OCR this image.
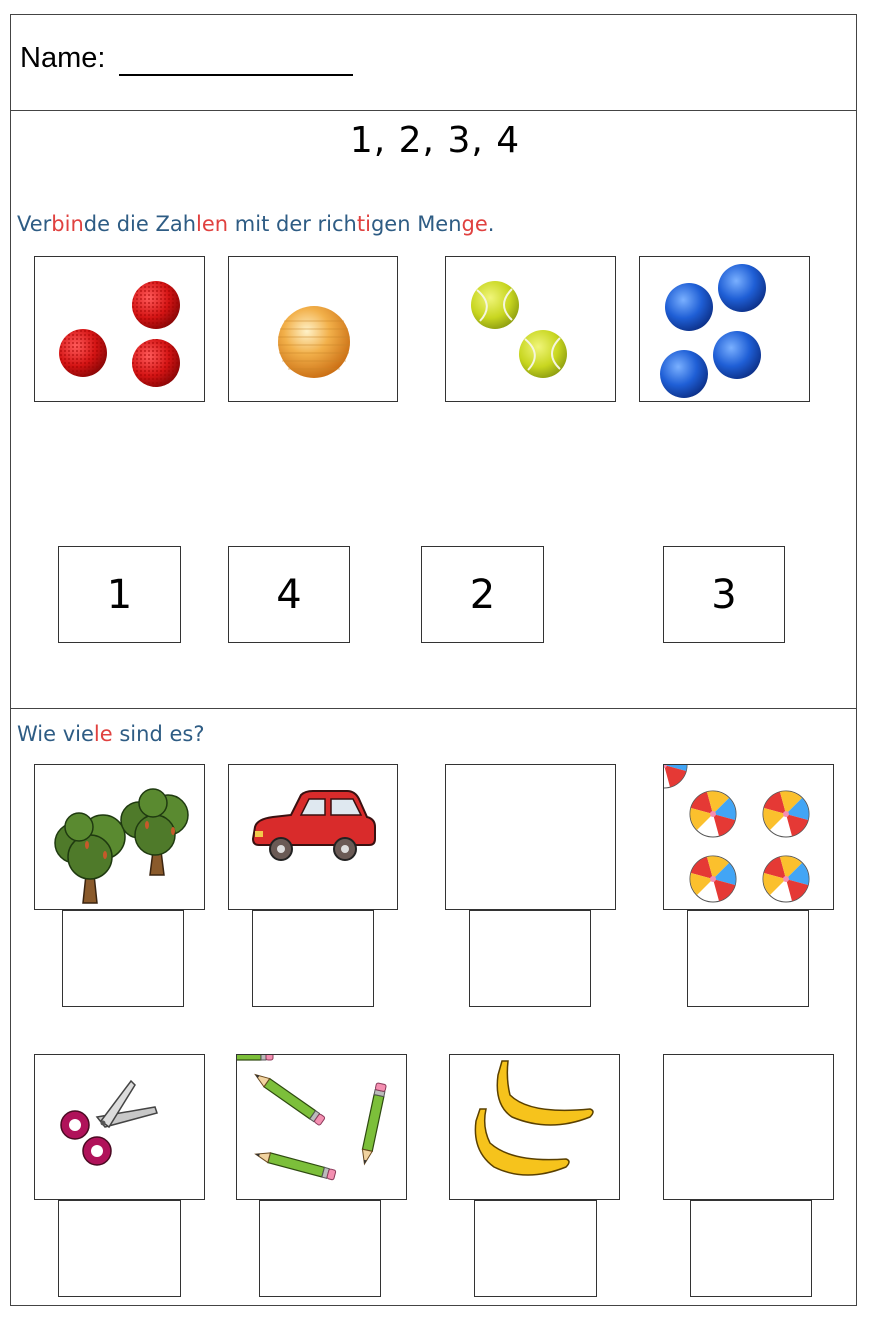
Name:
1, 2, 3, 4
Verbinde die Zahlen mit der richtigen Menge.
1	4	2	3
Wie viele sind es?
